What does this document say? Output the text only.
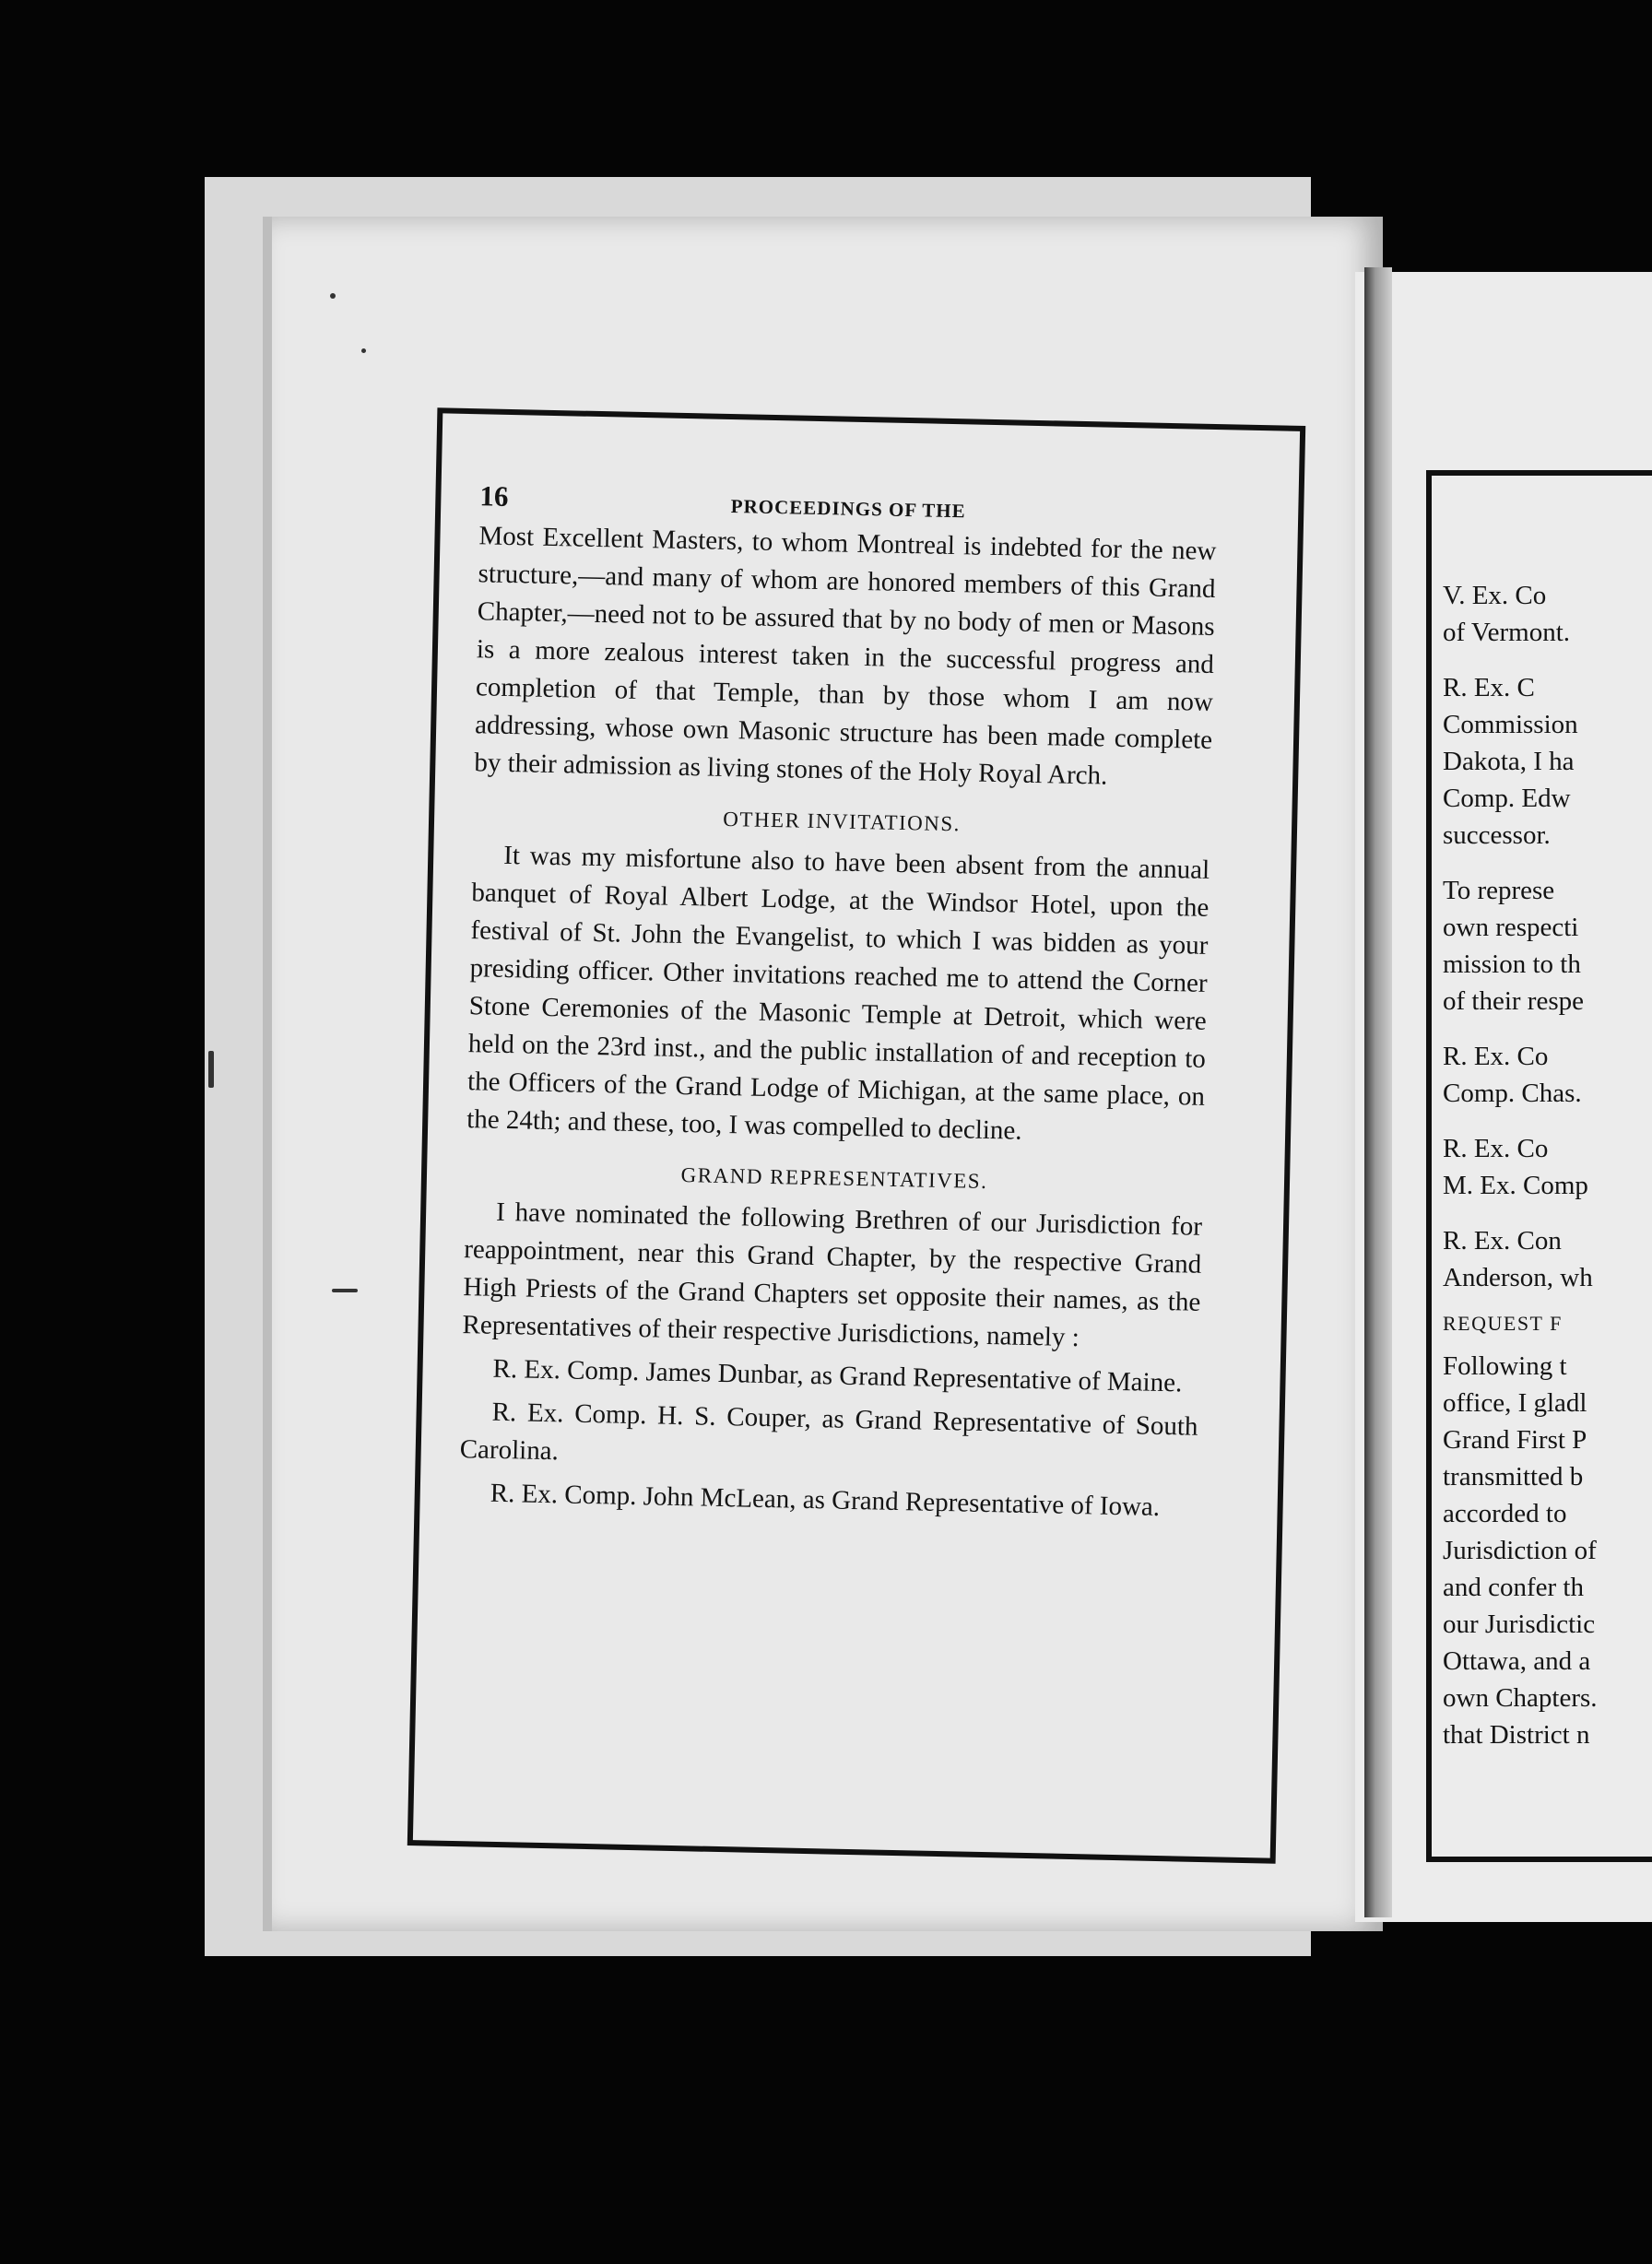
16	PROCEEDINGS OF THE

Most Excellent Masters, to whom Montreal is indebted for the new structure,—and many of whom are honored members of this Grand Chapter,—need not to be assured that by no body of men or Masons is a more zealous interest taken in the successful progress and completion of that Temple, than by those whom I am now addressing, whose own Masonic structure has been made complete by their admission as living stones of the Holy Royal Arch.

OTHER INVITATIONS.

It was my misfortune also to have been absent from the annual banquet of Royal Albert Lodge, at the Windsor Hotel, upon the festival of St. John the Evangelist, to which I was bidden as your presiding officer. Other invitations reached me to attend the Corner Stone Ceremonies of the Masonic Temple at Detroit, which were held on the 23rd inst., and the public installation of and reception to the Officers of the Grand Lodge of Michigan, at the same place, on the 24th; and these, too, I was compelled to decline.

GRAND REPRESENTATIVES.

I have nominated the following Brethren of our Jurisdiction for reappointment, near this Grand Chapter, by the respective Grand High Priests of the Grand Chapters set opposite their names, as the Representatives of their respective Jurisdictions, namely :

R. Ex. Comp. James Dunbar, as Grand Representative of Maine.

R. Ex. Comp. H. S. Couper, as Grand Representative of South Carolina.

R. Ex. Comp. John McLean, as Grand Representative of Iowa.

V. Ex. Co
of Vermont.
R. Ex. C
Commission
Dakota, I ha
Comp. Edw
successor.
To represe
own respecti
mission to th
of their respe
R. Ex. Co
Comp. Chas.
R. Ex. Co
M. Ex. Comp
R. Ex. Con
Anderson, wh
REQUEST F
Following t
office, I gladl
Grand First P
transmitted b
accorded to
Jurisdiction of
and confer th
our Jurisdictic
Ottawa, and a
own Chapters.
that District n
